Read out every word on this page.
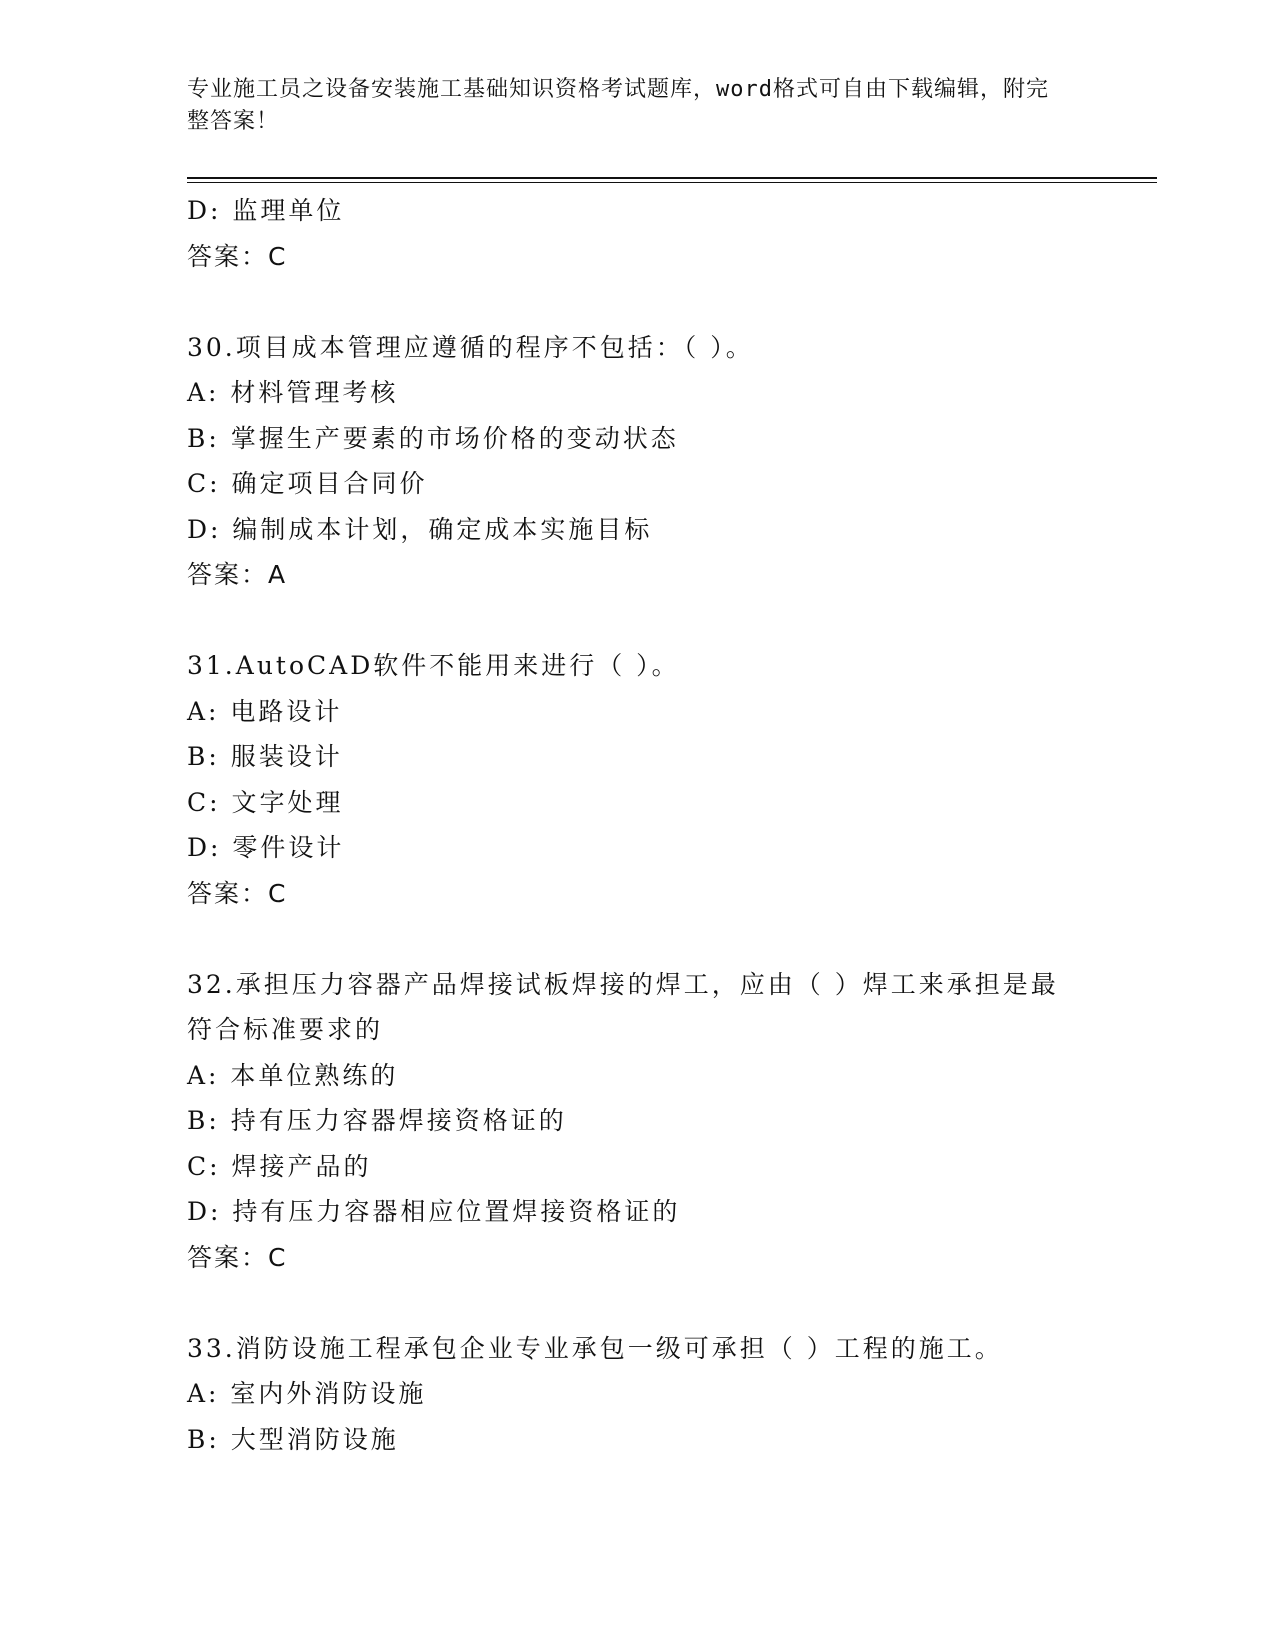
专业施工员之设备安装施工基础知识资格考试题库，word格式可自由下载编辑，附完整答案！
D: 监理单位
答案：C
30.项目成本管理应遵循的程序不包括：（ ）。
A: 材料管理考核
B: 掌握生产要素的市场价格的变动状态
C: 确定项目合同价
D: 编制成本计划，确定成本实施目标
答案：A
31.AutoCAD软件不能用来进行（ ）。
A: 电路设计
B: 服装设计
C: 文字处理
D: 零件设计
答案：C
32.承担压力容器产品焊接试板焊接的焊工，应由（ ）焊工来承担是最符合标准要求的
A: 本单位熟练的
B: 持有压力容器焊接资格证的
C: 焊接产品的
D: 持有压力容器相应位置焊接资格证的
答案：C
33.消防设施工程承包企业专业承包一级可承担（ ）工程的施工。
A: 室内外消防设施
B: 大型消防设施
